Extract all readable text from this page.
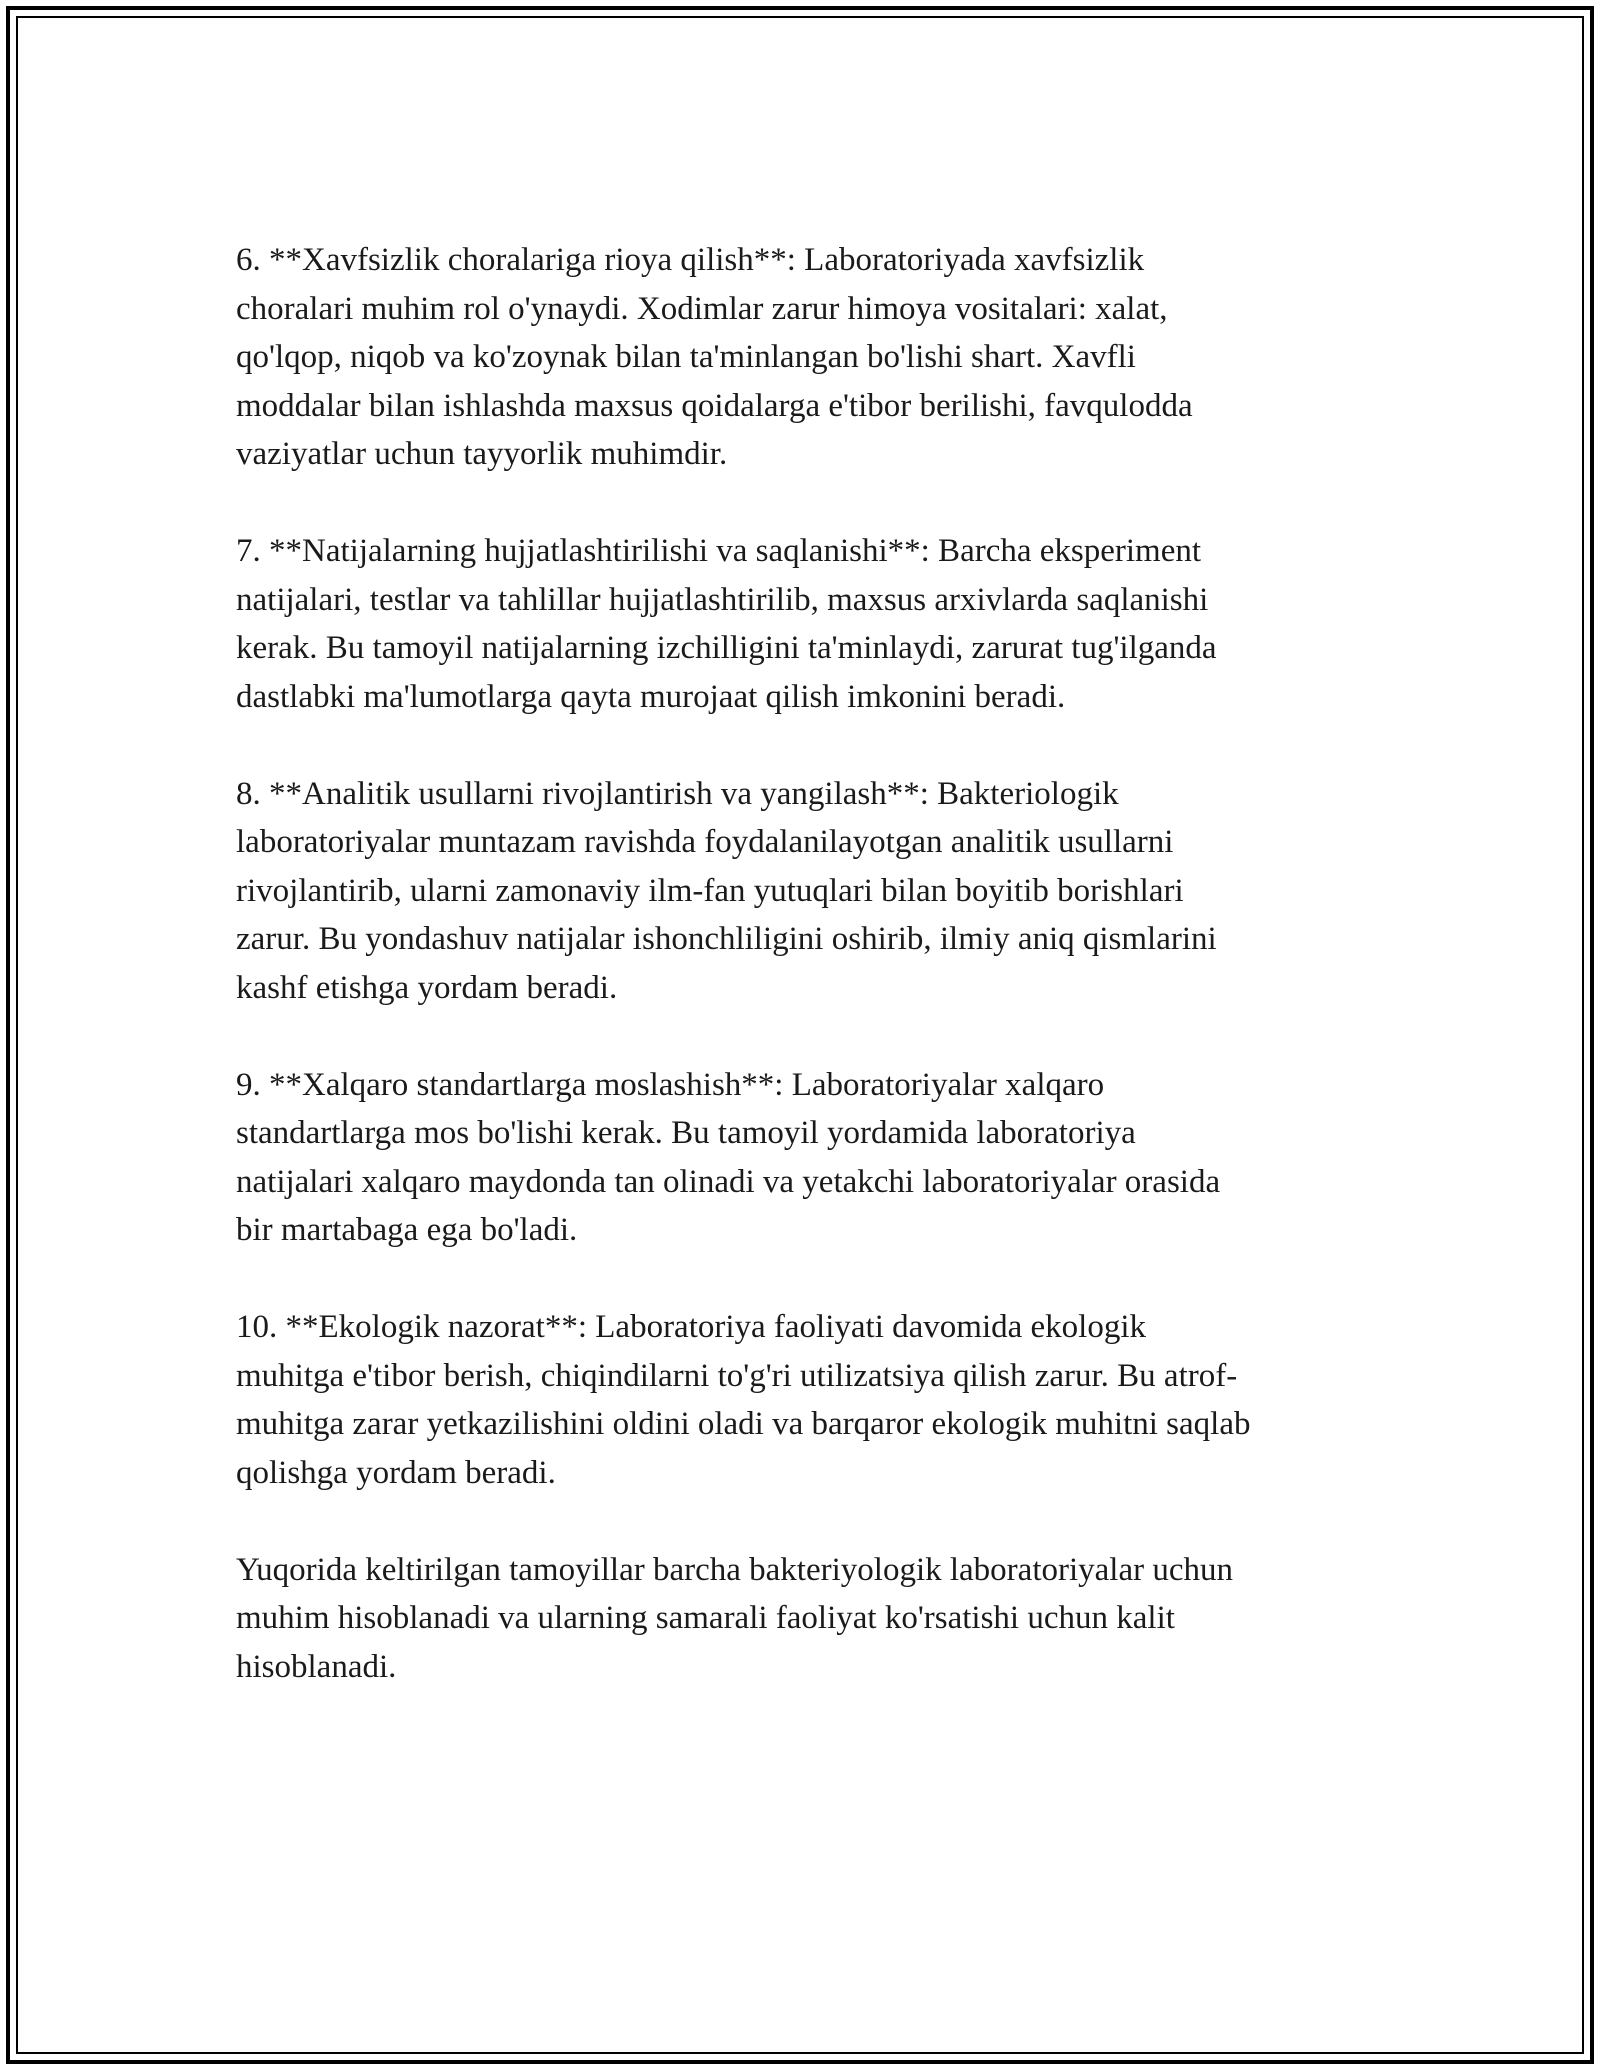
6. **Xavfsizlik choralariga rioya qilish**: Laboratoriyada xavfsizlik
choralari muhim rol o'ynaydi. Xodimlar zarur himoya vositalari: xalat,
qo'lqop, niqob va ko'zoynak bilan ta'minlangan bo'lishi shart. Xavfli
moddalar bilan ishlashda maxsus qoidalarga e'tibor berilishi, favqulodda
vaziyatlar uchun tayyorlik muhimdir.

7. **Natijalarning hujjatlashtirilishi va saqlanishi**: Barcha eksperiment
natijalari, testlar va tahlillar hujjatlashtirilib, maxsus arxivlarda saqlanishi
kerak. Bu tamoyil natijalarning izchilligini ta'minlaydi, zarurat tug'ilganda
dastlabki ma'lumotlarga qayta murojaat qilish imkonini beradi.

8. **Analitik usullarni rivojlantirish va yangilash**: Bakteriologik
laboratoriyalar muntazam ravishda foydalanilayotgan analitik usullarni
rivojlantirib, ularni zamonaviy ilm-fan yutuqlari bilan boyitib borishlari
zarur. Bu yondashuv natijalar ishonchliligini oshirib, ilmiy aniq qismlarini
kashf etishga yordam beradi.

9. **Xalqaro standartlarga moslashish**: Laboratoriyalar xalqaro
standartlarga mos bo'lishi kerak. Bu tamoyil yordamida laboratoriya
natijalari xalqaro maydonda tan olinadi va yetakchi laboratoriyalar orasida
bir martabaga ega bo'ladi.

10. **Ekologik nazorat**: Laboratoriya faoliyati davomida ekologik
muhitga e'tibor berish, chiqindilarni to'g'ri utilizatsiya qilish zarur. Bu atrof-
muhitga zarar yetkazilishini oldini oladi va barqaror ekologik muhitni saqlab
qolishga yordam beradi.

Yuqorida keltirilgan tamoyillar barcha bakteriyologik laboratoriyalar uchun
muhim hisoblanadi va ularning samarali faoliyat ko'rsatishi uchun kalit
hisoblanadi.
